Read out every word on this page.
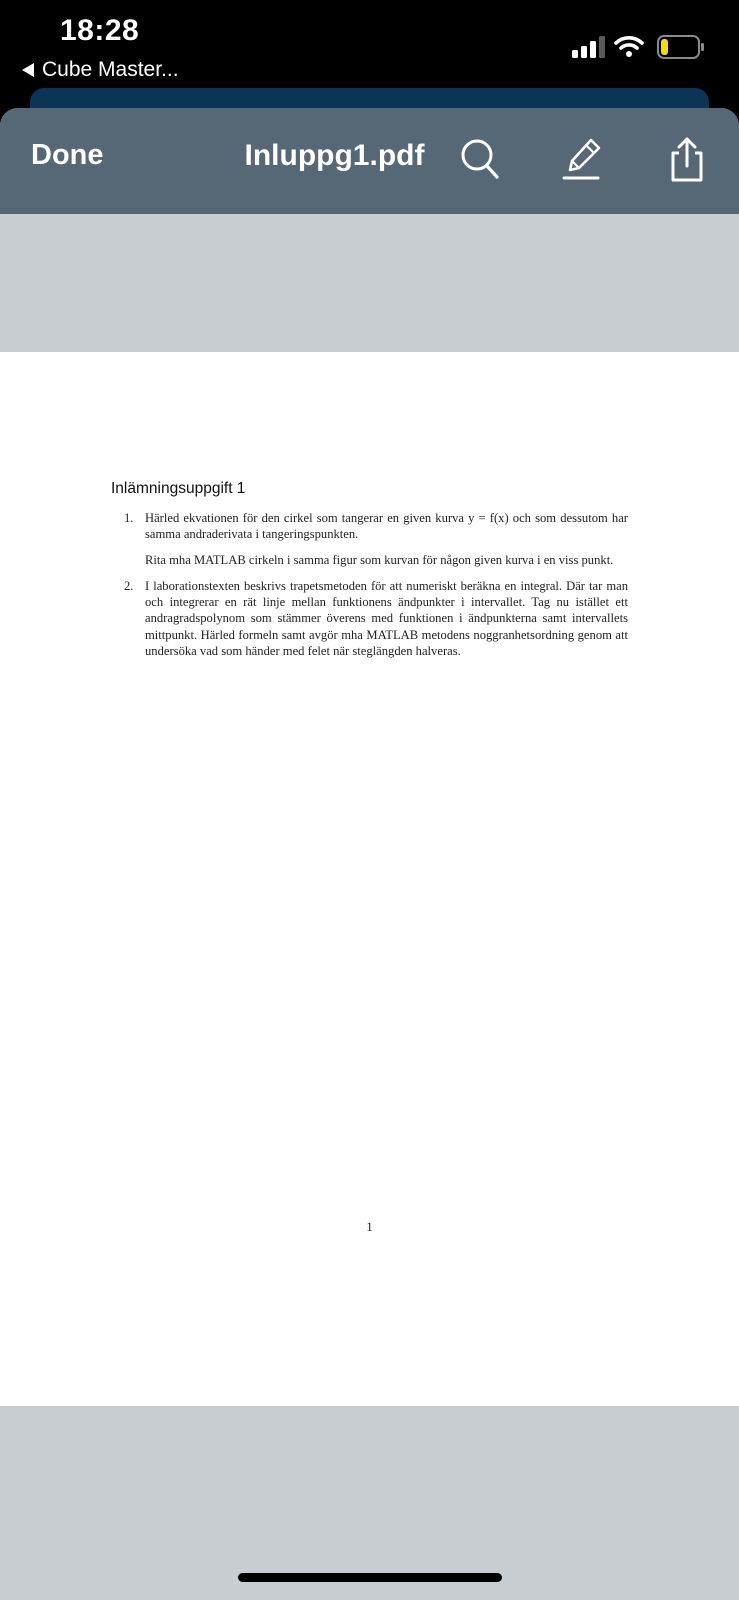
18:28
Cube Master...
Done	Inluppg1.pdf
Inlämningsuppgift 1
1. Härled ekvationen för den cirkel som tangerar en given kurva y = f(x) och som dessutom har samma andraderivata i tangeringspunkten.

Rita mha MATLAB cirkeln i samma figur som kurvan för någon given kurva i en viss punkt.

2. I laborationstexten beskrivs trapetsmetoden för att numeriskt beräkna en integral. Där tar man och integrerar en rät linje mellan funktionens ändpunkter i intervallet. Tag nu istället ett andragradspolynom som stämmer överens med funktionen i ändpunkterna samt intervallets mittpunkt. Härled formeln samt avgör mha MATLAB metodens noggranhetsordning genom att undersöka vad som händer med felet när steglängden halveras.

1
